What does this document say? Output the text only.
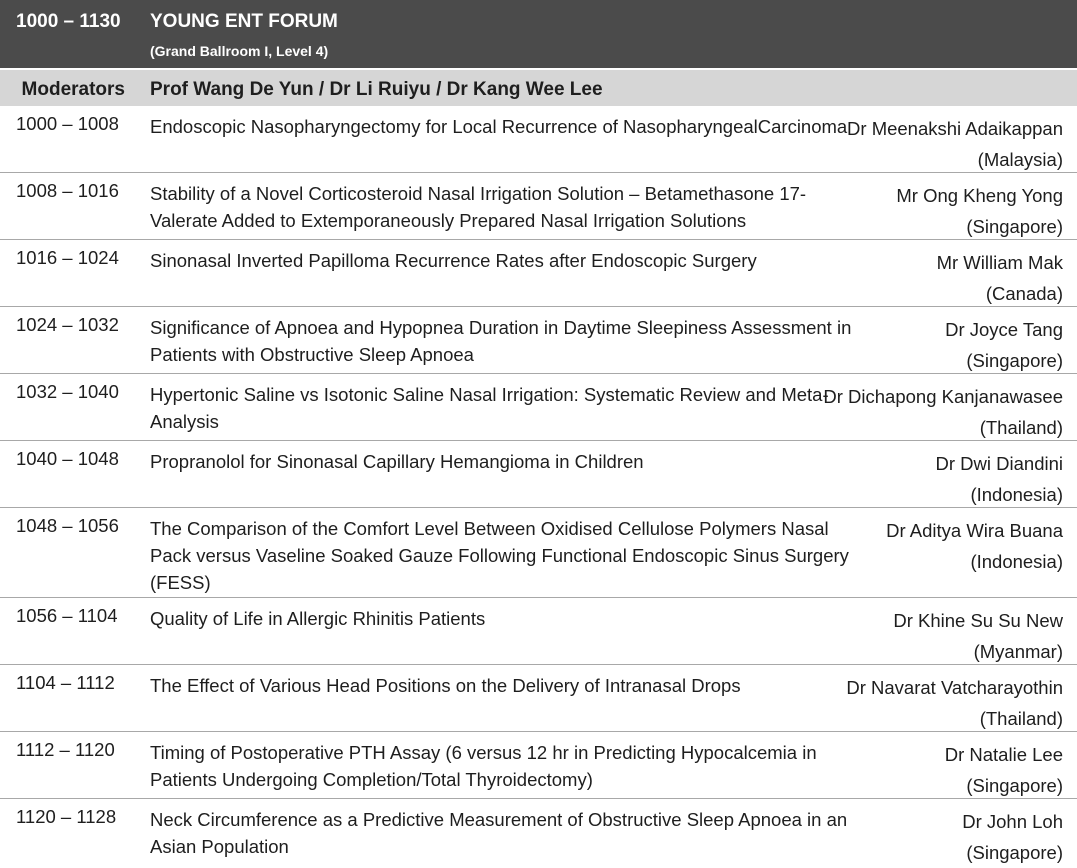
1000 – 1130 YOUNG ENT FORUM
(Grand Ballroom I, Level 4)
Moderators Prof Wang De Yun / Dr Li Ruiyu / Dr Kang Wee Lee
1000 – 1008 Endoscopic Nasopharyngectomy for Local Recurrence of NasopharyngealCarcinoma Dr Meenakshi Adaikappan
(Malaysia)
1008 – 1016 Stability of a Novel Corticosteroid Nasal Irrigation Solution – Betamethasone 17-Valerate Added to Extemporaneously Prepared Nasal Irrigation Solutions
Mr Ong Kheng Yong
(Singapore)
1016 – 1024 Sinonasal Inverted Papilloma Recurrence Rates after Endoscopic Surgery	Mr William Mak
(Canada)
1024 – 1032 Significance of Apnoea and Hypopnea Duration in Daytime Sleepiness Assessment in Patients with Obstructive Sleep Apnoea
Dr Joyce Tang
(Singapore)
1032 – 1040 Hypertonic Saline vs Isotonic Saline Nasal Irrigation: Systematic Review and Meta-Analysis
Dr Dichapong Kanjanawasee
(Thailand)
1040 – 1048 Propranolol for Sinonasal Capillary Hemangioma in Children	Dr Dwi Diandini
(Indonesia)
1048 – 1056 The Comparison of the Comfort Level Between Oxidised Cellulose Polymers Nasal Pack versus Vaseline Soaked Gauze Following Functional Endoscopic Sinus Surgery (FESS)
Dr Aditya Wira Buana
(Indonesia)
1056 – 1104 Quality of Life in Allergic Rhinitis Patients	Dr Khine Su Su New
(Myanmar)
1104 – 1112 The Effect of Various Head Positions on the Delivery of Intranasal Drops	Dr Navarat Vatcharayothin
(Thailand)
1112 – 1120 Timing of Postoperative PTH Assay (6 versus 12 hr in Predicting Hypocalcemia in Patients Undergoing Completion/Total Thyroidectomy)
Dr Natalie Lee
(Singapore)
1120 – 1128 Neck Circumference as a Predictive Measurement of Obstructive Sleep Apnoea in an Asian Population
Dr John Loh
(Singapore)
